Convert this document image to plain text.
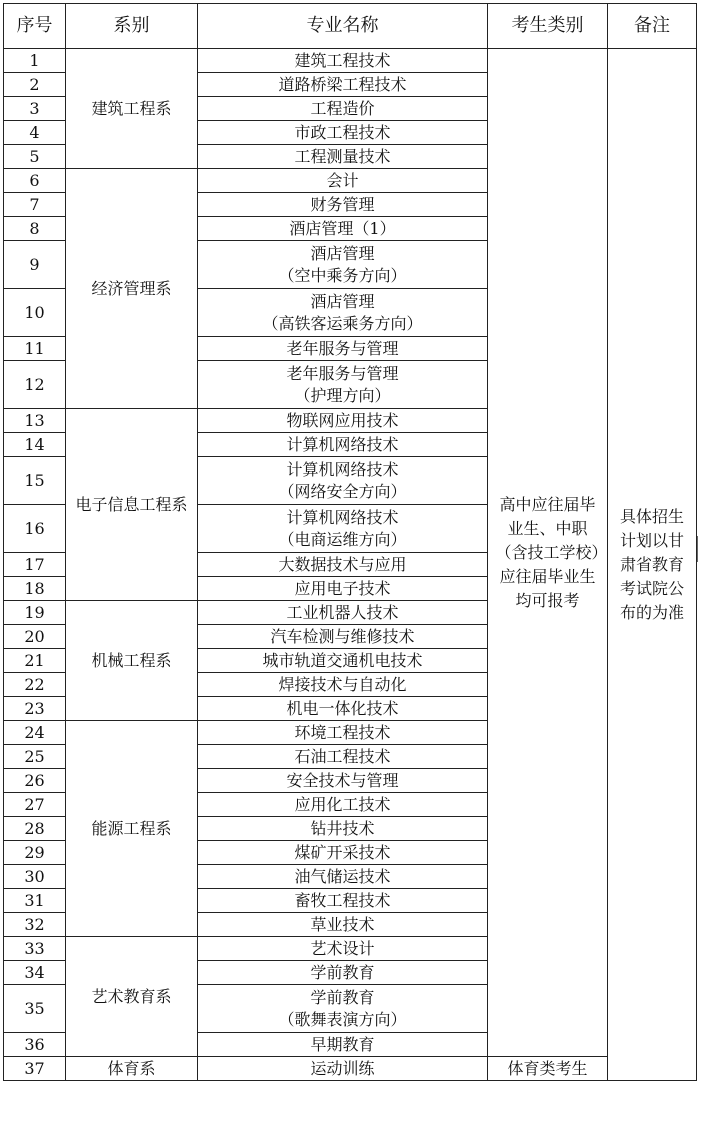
序号	系别	专业名称	考生类别	备注
1	建筑工程系	建筑工程技术	高中应往届毕业生、中职（含技工学校）应往届毕业生均可报考	具体招生计划以甘肃省教育考试院公布的为准
2		道路桥梁工程技术		
3		工程造价		
4		市政工程技术		
5		工程测量技术		
6	经济管理系	会计		
7		财务管理		
8		酒店管理（1）		
9		酒店管理
（空中乘务方向）		

10		酒店管理
（高铁客运乘务方向）		

11		老年服务与管理		
12		老年服务与管理
（护理方向）		

13	电子信息工程系	物联网应用技术		
14		计算机网络技术		
15		计算机网络技术
（网络安全方向）		

16		计算机网络技术
（电商运维方向）		

17		大数据技术与应用		
18		应用电子技术		
19	机械工程系	工业机器人技术		
20		汽车检测与维修技术		
21		城市轨道交通机电技术		
22		焊接技术与自动化		
23		机电一体化技术		
24	能源工程系	环境工程技术		
25		石油工程技术		
26		安全技术与管理		
27		应用化工技术		
28		钻井技术		
29		煤矿开采技术		
30		油气储运技术		
31		畜牧工程技术		
32		草业技术		
33	艺术教育系	艺术设计		
34		学前教育		
35		学前教育
（歌舞表演方向）		

36		早期教育		
37	体育系	运动训练	体育类考生	
